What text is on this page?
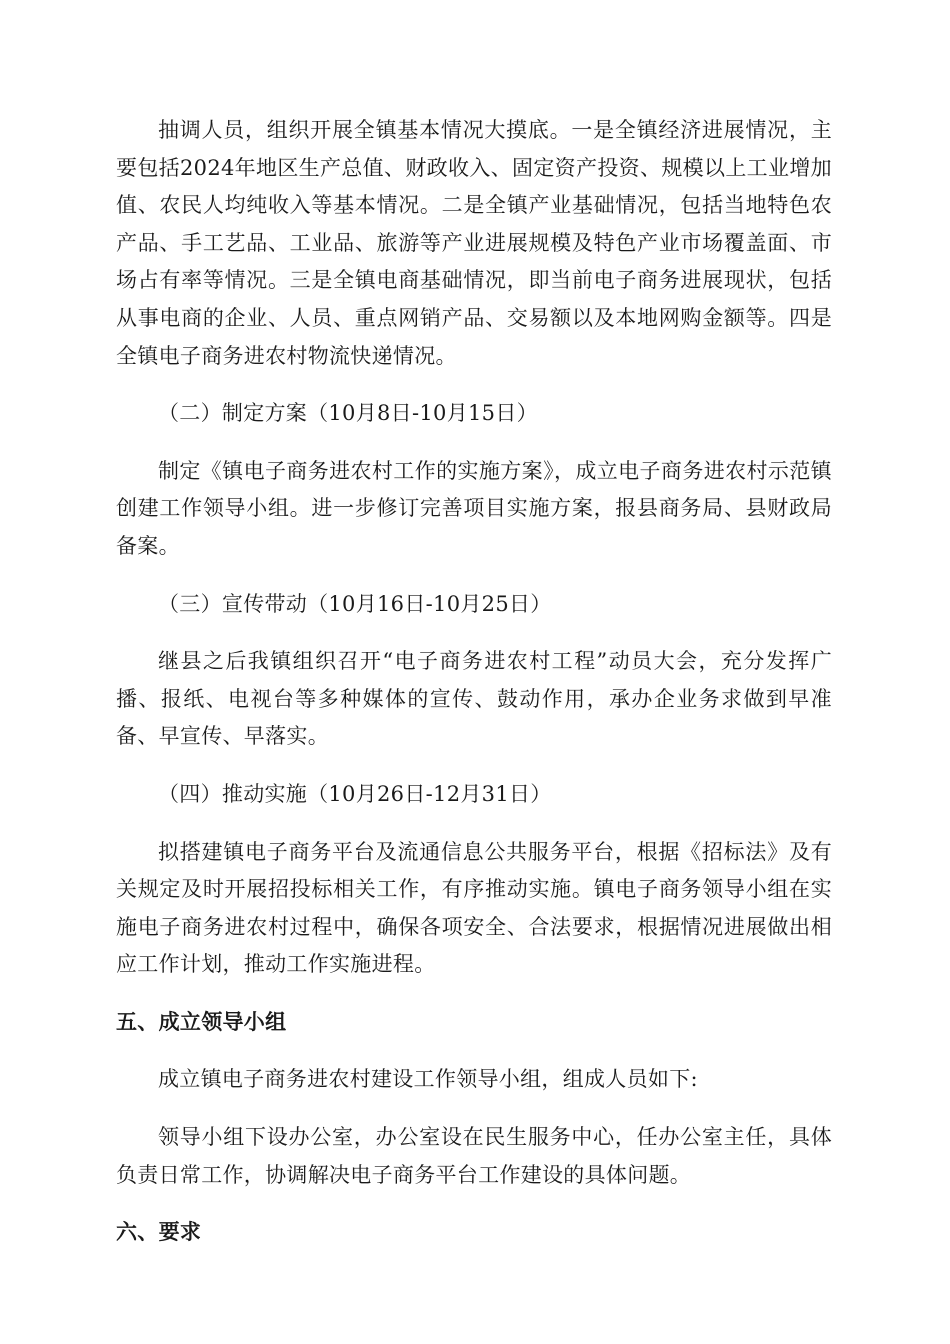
抽调人员，组织开展全镇基本情况大摸底。一是全镇经济进展情况，主要包括2024年地区生产总值、财政收入、固定资产投资、规模以上工业增加值、农民人均纯收入等基本情况。二是全镇产业基础情况，包括当地特色农产品、手工艺品、工业品、旅游等产业进展规模及特色产业市场覆盖面、市场占有率等情况。三是全镇电商基础情况，即当前电子商务进展现状，包括从事电商的企业、人员、重点网销产品、交易额以及本地网购金额等。四是全镇电子商务进农村物流快递情况。

（二）制定方案（10月8日-10月15日）

制定《镇电子商务进农村工作的实施方案》，成立电子商务进农村示范镇创建工作领导小组。进一步修订完善项目实施方案，报县商务局、县财政局备案。

（三）宣传带动（10月16日-10月25日）

继县之后我镇组织召开“电子商务进农村工程”动员大会，充分发挥广播、报纸、电视台等多种媒体的宣传、鼓动作用，承办企业务求做到早准备、早宣传、早落实。

（四）推动实施（10月26日-12月31日）

拟搭建镇电子商务平台及流通信息公共服务平台，根据《招标法》及有关规定及时开展招投标相关工作，有序推动实施。镇电子商务领导小组在实施电子商务进农村过程中，确保各项安全、合法要求，根据情况进展做出相应工作计划，推动工作实施进程。

五、成立领导小组

成立镇电子商务进农村建设工作领导小组，组成人员如下:

领导小组下设办公室，办公室设在民生服务中心，任办公室主任，具体负责日常工作，协调解决电子商务平台工作建设的具体问题。

六、要求
